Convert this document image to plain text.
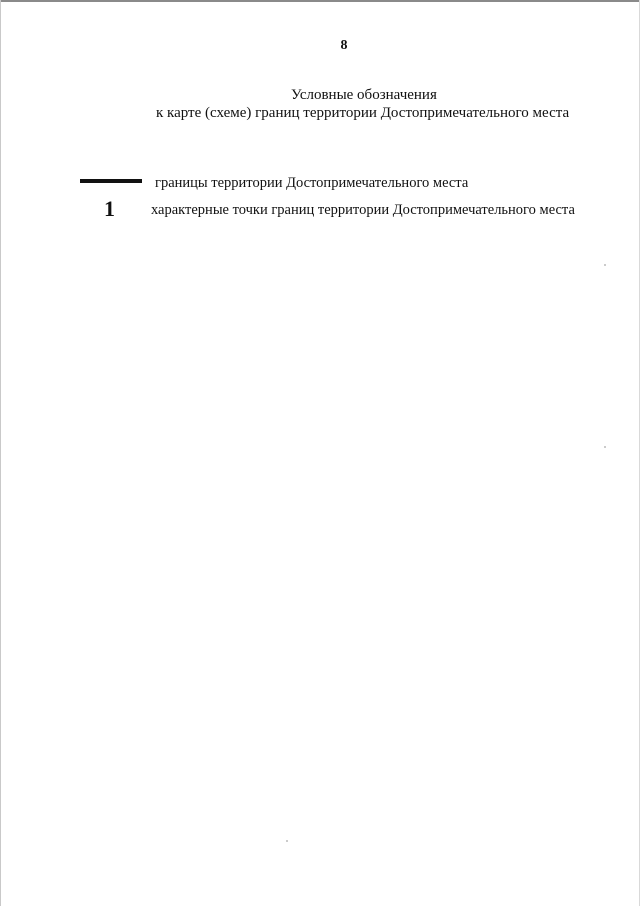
8
Условные обозначения
к карте (схеме) границ территории Достопримечательного места
границы территории Достопримечательного места
1 характерные точки границ территории Достопримечательного места
